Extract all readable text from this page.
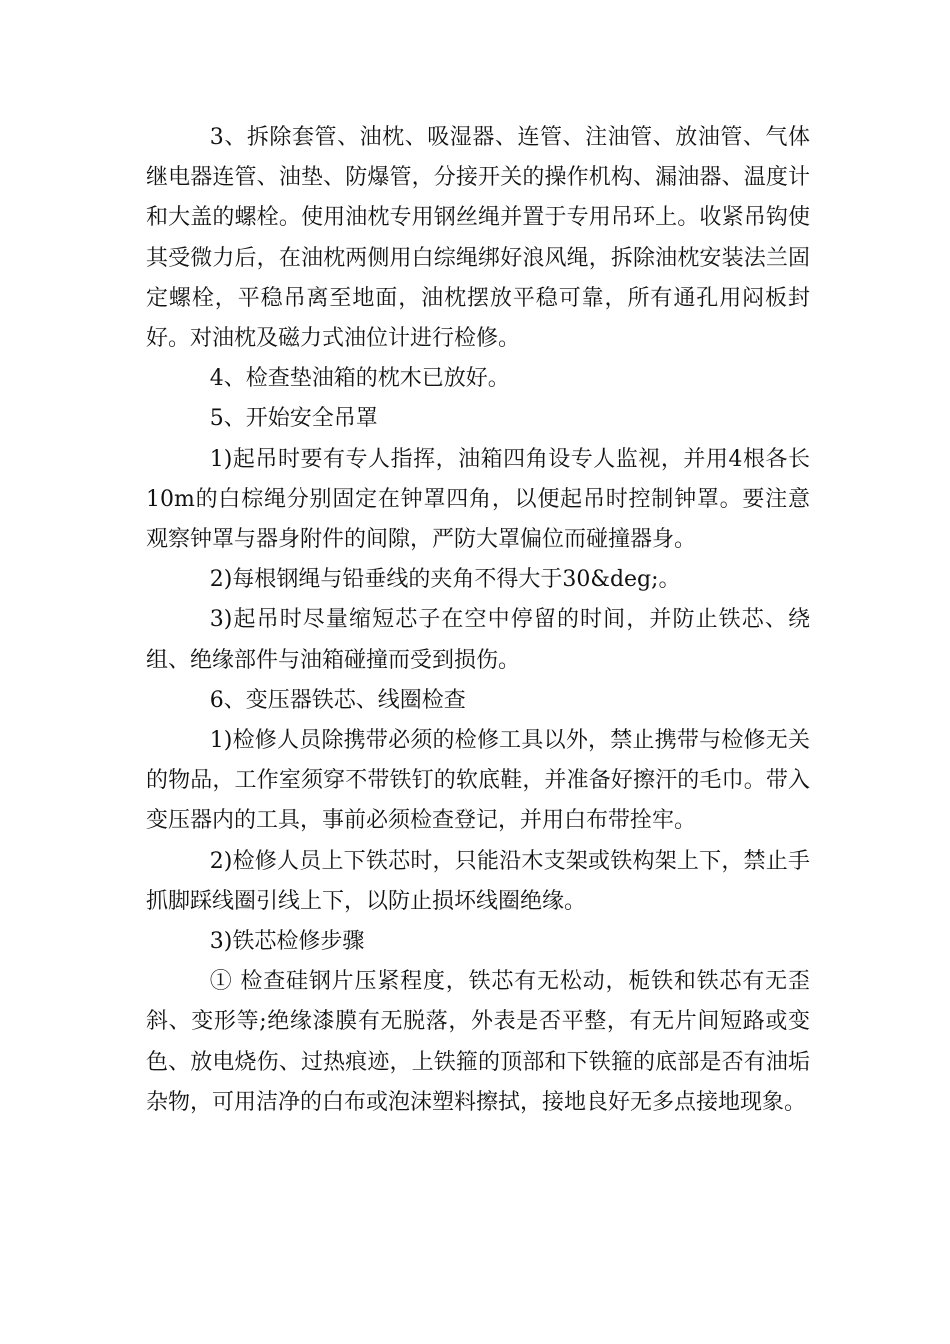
3、拆除套管、油枕、吸湿器、连管、注油管、放油管、气体继电器连管、油垫、防爆管，分接开关的操作机构、漏油器、温度计和大盖的螺栓。使用油枕专用钢丝绳并置于专用吊环上。收紧吊钩使其受微力后，在油枕两侧用白综绳绑好浪风绳，拆除油枕安装法兰固定螺栓，平稳吊离至地面，油枕摆放平稳可靠，所有通孔用闷板封好。对油枕及磁力式油位计进行检修。

4、检查垫油箱的枕木已放好。

5、开始安全吊罩

1)起吊时要有专人指挥，油箱四角设专人监视，并用4根各长10m的白棕绳分别固定在钟罩四角，以便起吊时控制钟罩。要注意观察钟罩与器身附件的间隙，严防大罩偏位而碰撞器身。

2)每根钢绳与铅垂线的夹角不得大于30&deg;。

3)起吊时尽量缩短芯子在空中停留的时间，并防止铁芯、绕组、绝缘部件与油箱碰撞而受到损伤。

6、变压器铁芯、线圈检查

1)检修人员除携带必须的检修工具以外，禁止携带与检修无关的物品，工作室须穿不带铁钉的软底鞋，并准备好擦汗的毛巾。带入变压器内的工具，事前必须检查登记，并用白布带拴牢。

2)检修人员上下铁芯时，只能沿木支架或铁构架上下，禁止手抓脚踩线圈引线上下，以防止损坏线圈绝缘。

3)铁芯检修步骤

① 检查硅钢片压紧程度，铁芯有无松动，栀铁和铁芯有无歪斜、变形等;绝缘漆膜有无脱落，外表是否平整，有无片间短路或变色、放电烧伤、过热痕迹，上铁箍的顶部和下铁箍的底部是否有油垢杂物，可用洁净的白布或泡沫塑料擦拭，接地良好无多点接地现象。
